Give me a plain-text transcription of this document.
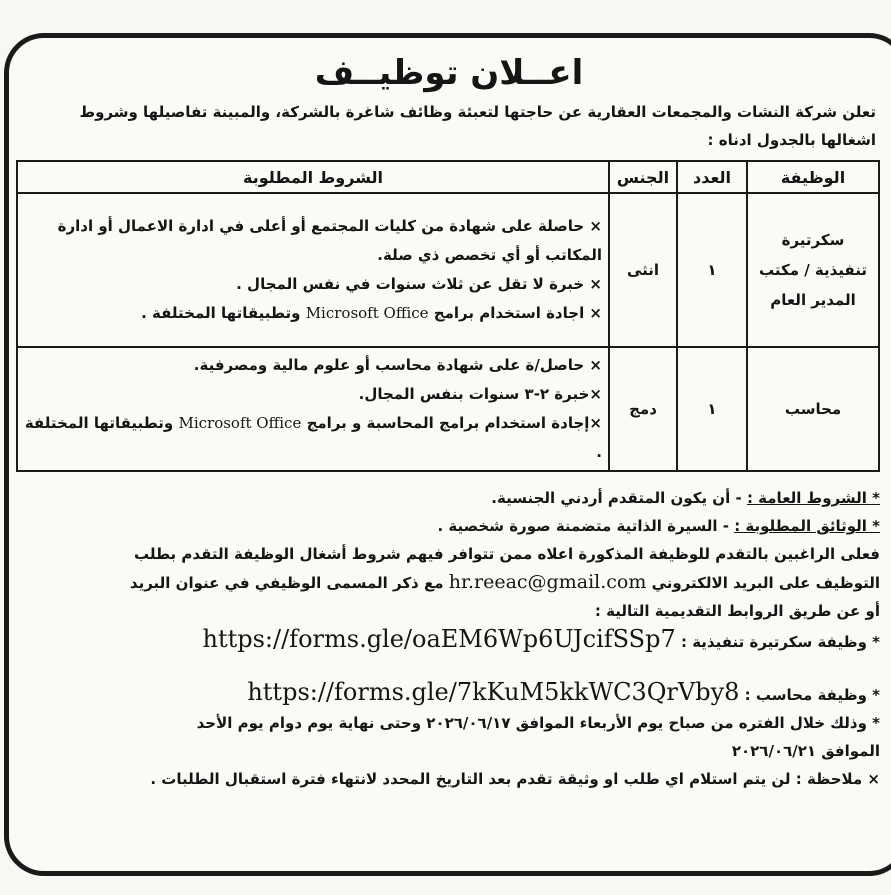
اعــلان توظيــف

تعلن شركة النشات والمجمعات العقارية عن حاجتها لتعبئة وظائف شاغرة بالشركة، والمبينة تفاصيلها وشروط اشغالها بالجدول ادناه :

الوظيفة	العدد	الجنس	الشروط المطلوبة
سكرتيرة تنفيذية / مكتب المدير العام	١	انثى	× حاصلة على شهادة من كليات المجتمع أو أعلى في ادارة الاعمال أو ادارة المكاتب أو أي تخصص ذي صلة.
× خبرة لا تقل عن ثلاث سنوات في نفس المجال .
× اجادة استخدام برامج Microsoft Office وتطبيقاتها المختلفة .

محاسب	١	دمج	× حاصل/ة على شهادة محاسب أو علوم مالية ومصرفية.
×خبرة ٢-٣ سنوات بنفس المجال.
×إجادة استخدام برامج المحاسبة و برامج Microsoft Office وتطبيقاتها المختلفة .

* الشروط العامة : - أن يكون المتقدم أردني الجنسية.

* الوثائق المطلوبة : - السيرة الذاتية متضمنة صورة شخصية .

فعلى الراغبين بالتقدم للوظيفة المذكورة اعلاه ممن تتوافر فيهم شروط أشغال الوظيفة التقدم بطلب

التوظيف على البريد الالكتروني hr.reeac@gmail.com مع ذكر المسمى الوظيفي في عنوان البريد

أو عن طريق الروابط التقديمية التالية :

* وظيفة سكرتيرة تنفيذية : https://forms.gle/oaEM6Wp6UJcifSSp7

* وظيفة محاسب : https://forms.gle/7kKuM5kkWC3QrVby8

* وذلك خلال الفتره من صباح يوم الأربعاء الموافق ٢٠٢٦/٠٦/١٧ وحتى نهاية يوم دوام يوم الأحد

الموافق ٢٠٢٦/٠٦/٢١

× ملاحظة : لن يتم استلام اي طلب او وثيقة تقدم بعد التاريخ المحدد لانتهاء فترة استقبال الطلبات .
